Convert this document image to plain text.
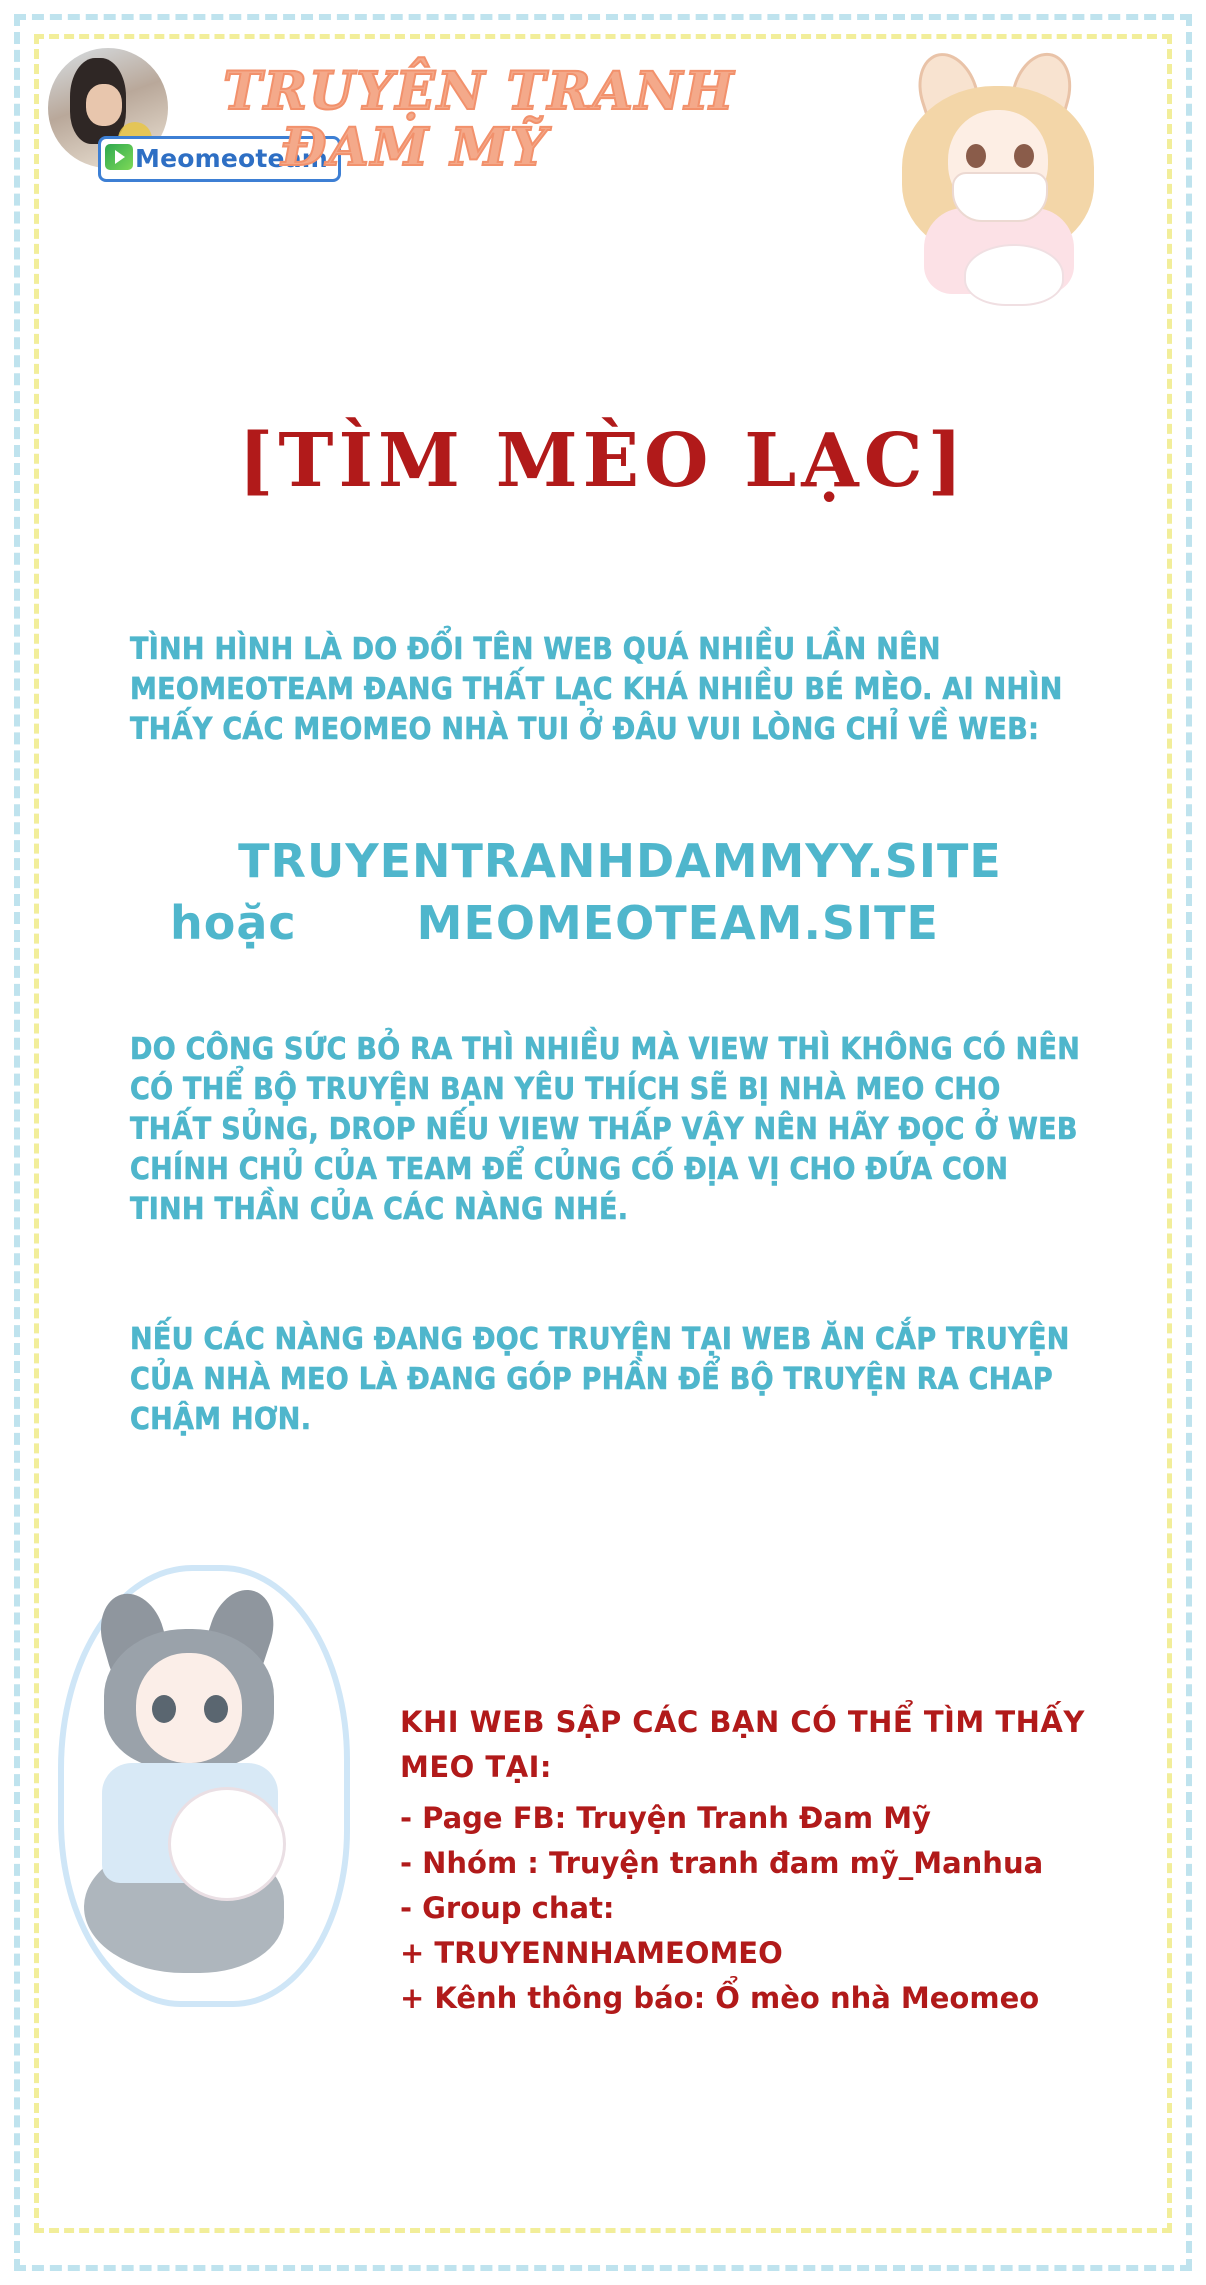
Meomeoteam
TRUYỆN TRANH
ĐAM MỸ
[TÌM MÈO LẠC]
TÌNH HÌNH LÀ DO ĐỔI TÊN WEB QUÁ NHIỀU LẦN NÊN MEOMEOTEAM ĐANG THẤT LẠC KHÁ NHIỀU BÉ MÈO. AI NHÌN THẤY CÁC MEOMEO NHÀ TUI Ở ĐÂU VUI LÒNG CHỈ VỀ WEB:
TRUYENTRANHDAMMYY.SITE
hoặc	MEOMEOTEAM.SITE
DO CÔNG SỨC BỎ RA THÌ NHIỀU MÀ VIEW THÌ KHÔNG CÓ NÊN CÓ THỂ BỘ TRUYỆN BẠN YÊU THÍCH SẼ BỊ NHÀ MEO CHO THẤT SỦNG, DROP NẾU VIEW THẤP VẬY NÊN HÃY ĐỌC Ở WEB CHÍNH CHỦ CỦA TEAM ĐỂ CỦNG CỐ ĐỊA VỊ CHO ĐỨA CON TINH THẦN CỦA CÁC NÀNG NHÉ.
NẾU CÁC NÀNG ĐANG ĐỌC TRUYỆN TẠI WEB ĂN CẮP TRUYỆN CỦA NHÀ MEO LÀ ĐANG GÓP PHẦN ĐỂ BỘ TRUYỆN RA CHAP CHẬM HƠN.
KHI WEB SẬP CÁC BẠN CÓ THỂ TÌM THẤY MEO TẠI:
- Page FB: Truyện Tranh Đam Mỹ
- Nhóm : Truyện tranh đam mỹ_Manhua
- Group chat:
+ TRUYENNHAMEOMEO
+ Kênh thông báo: Ổ mèo nhà Meomeo
